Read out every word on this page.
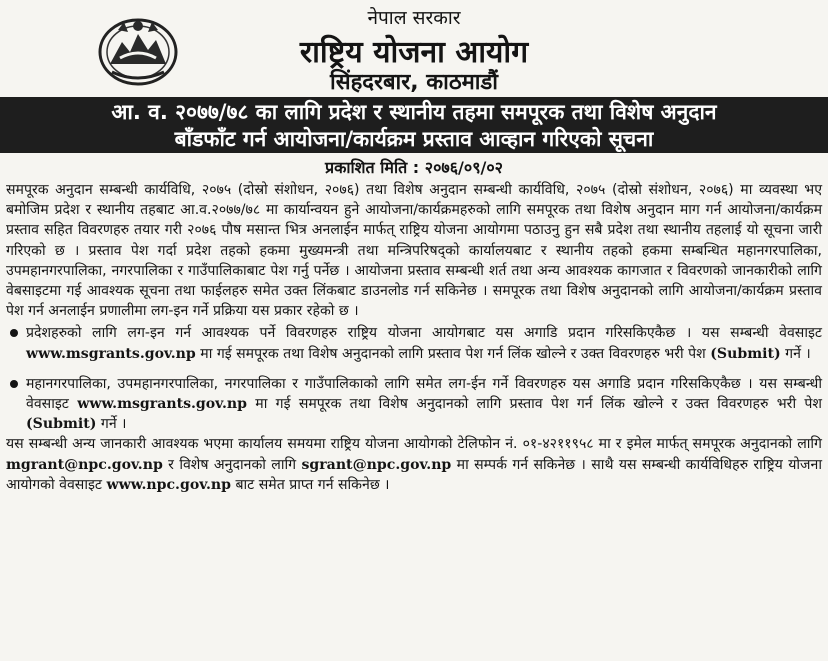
नेपाल सरकार
राष्ट्रिय योजना आयोग
सिंहदरबार, काठमाडौं
आ. व. २०७७/७८ का लागि प्रदेश र स्थानीय तहमा समपूरक तथा विशेष अनुदान
बाँडफाँट गर्न आयोजना/कार्यक्रम प्रस्ताव आव्हान गरिएको सूचना
प्रकाशित मिति : २०७६/०९/०२

समपूरक अनुदान सम्बन्धी कार्यविधि, २०७५ (दोस्रो संशोधन, २०७६) तथा विशेष अनुदान सम्बन्धी कार्यविधि, २०७५ (दोस्रो संशोधन, २०७६) मा व्यवस्था भए बमोजिम प्रदेश र स्थानीय तहबाट आ.व.२०७७/७८ मा कार्यान्वयन हुने आयोजना/कार्यक्रमहरुको लागि समपूरक तथा विशेष अनुदान माग गर्न आयोजना/कार्यक्रम प्रस्ताव सहित विवरणहरु तयार गरी २०७६ पौष मसान्त भित्र अनलाईन मार्फत् राष्ट्रिय योजना आयोगमा पठाउनु हुन सबै प्रदेश तथा स्थानीय तहलाई यो सूचना जारी गरिएको छ । प्रस्ताव पेश गर्दा प्रदेश तहको हकमा मुख्यमन्त्री तथा मन्त्रिपरिषद्को कार्यालयबाट र स्थानीय तहको हकमा सम्बन्धित महानगरपालिका, उपमहानगरपालिका, नगरपालिका र गाउँपालिकाबाट पेश गर्नु पर्नेछ । आयोजना प्रस्ताव सम्बन्धी शर्त तथा अन्य आवश्यक कागजात र विवरणको जानकारीको लागि वेबसाइटमा गई आवश्यक सूचना तथा फाईलहरु समेत उक्त लिंकबाट डाउनलोड गर्न सकिनेछ । समपूरक तथा विशेष अनुदानको लागि आयोजना/कार्यक्रम प्रस्ताव पेश गर्न अनलाईन प्रणालीमा लग-इन गर्ने प्रक्रिया यस प्रकार रहेको छ ।

प्रदेशहरुको लागि लग-इन गर्न आवश्यक पर्ने विवरणहरु राष्ट्रिय योजना आयोगबाट यस अगाडि प्रदान गरिसकिएकैछ । यस सम्बन्धी वेवसाइट www.msgrants.gov.np मा गई समपूरक तथा विशेष अनुदानको लागि प्रस्ताव पेश गर्न लिंक खोल्ने र उक्त विवरणहरु भरी पेश (Submit) गर्ने ।
महानगरपालिका, उपमहानगरपालिका, नगरपालिका र गाउँपालिकाको लागि समेत लग-ईन गर्ने विवरणहरु यस अगाडि प्रदान गरिसकिएकैछ । यस सम्बन्धी वेवसाइट www.msgrants.gov.np मा गई समपूरक तथा विशेष अनुदानको लागि प्रस्ताव पेश गर्न लिंक खोल्ने र उक्त विवरणहरु भरी पेश (Submit) गर्ने ।

यस सम्बन्धी अन्य जानकारी आवश्यक भएमा कार्यालय समयमा राष्ट्रिय योजना आयोगको टेलिफोन नं. ०१-४२११९५८ मा र इमेल मार्फत् समपूरक अनुदानको लागि mgrant@npc.gov.np र विशेष अनुदानको लागि sgrant@npc.gov.np मा सम्पर्क गर्न सकिनेछ । साथै यस सम्बन्धी कार्यविधिहरु राष्ट्रिय योजना आयोगको वेवसाइट www.npc.gov.np बाट समेत प्राप्त गर्न सकिनेछ ।
